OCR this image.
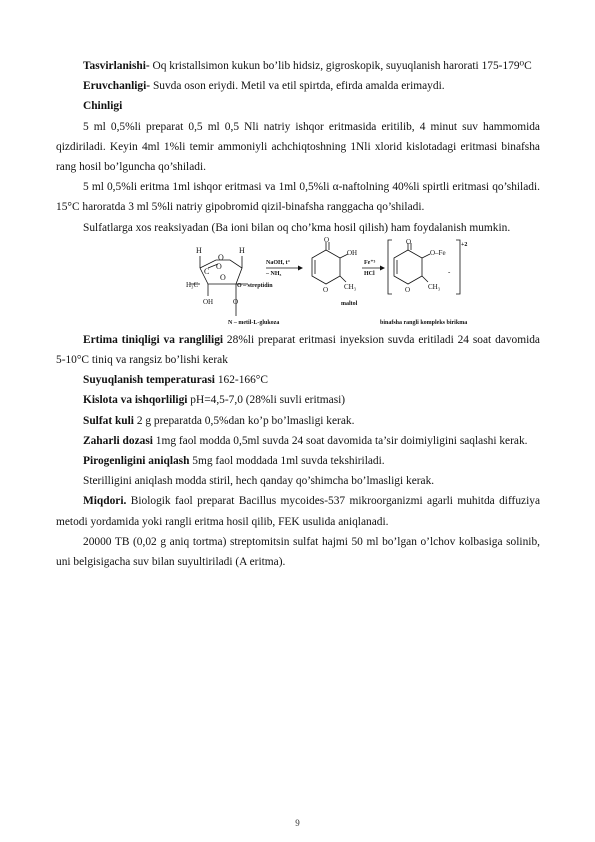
Tasvirlanishi- Oq kristallsimon kukun bo’lib hidsiz, gigroskopik, suyuqlanish harorati 175-179⁰C

Eruvchanligi- Suvda oson eriydi. Metil va etil spirtda, efirda amalda erimaydi.

Chinligi

5 ml 0,5%li preparat 0,5 ml 0,5 Nli natriy ishqor eritmasida eritilib, 4 minut suv hammomida qizdiriladi. Keyin 4ml 1%li temir ammoniyli achchiqtoshning 1Nli xlorid kislotadagi eritmasi binafsha rang hosil bo’lguncha qo’shiladi.

5 ml 0,5%li eritma 1ml ishqor eritmasi va 1ml 0,5%li α-naftolning 40%li spirtli eritmasi qo’shiladi. 15°C haroratda 3 ml 5%li natriy gipobromid qizil-binafsha ranggacha qo’shiladi.

Sulfatlarga xos reaksiyadan (Ba ioni bilan oq cho’kma hosil qilish) ham foydalanish mumkin.

H	H
O
C
O
O
H₃C
OH	O
O – streptidin
N – metil-L-glukoza
NaOH, t°
– NH₃
O
OH
O CH₃
maltol
Fe⁺³
HCl
O
O–Fe
O	CH₃
-
+2
binafsha rangli kompleks birikma

Ertima tiniqligi va rangliligi 28%li preparat eritmasi inyeksion suvda eritiladi 24 soat davomida 5-10°C tiniq va rangsiz bo’lishi kerak

Suyuqlanish temperaturasi 162-166°C

Kislota va ishqorliligi pH=4,5-7,0 (28%li suvli eritmasi)

Sulfat kuli 2 g preparatda 0,5%dan ko’p bo’lmasligi kerak.

Zaharli dozasi 1mg faol modda 0,5ml suvda 24 soat davomida ta’sir doimiyligini saqlashi kerak.

Pirogenligini aniqlash 5mg faol moddada 1ml suvda tekshiriladi.

Sterilligini aniqlash modda stiril, hech qanday qo’shimcha bo’lmasligi kerak.

Miqdori. Biologik faol preparat Bacillus mycoides-537 mikroorganizmi agarli muhitda diffuziya metodi yordamida yoki rangli eritma hosil qilib, FEK usulida aniqlanadi.

20000 TB (0,02 g aniq tortma) streptomitsin sulfat hajmi 50 ml bo’lgan o’lchov kolbasiga solinib, uni belgisigacha suv bilan suyultiriladi (A eritma).

9
